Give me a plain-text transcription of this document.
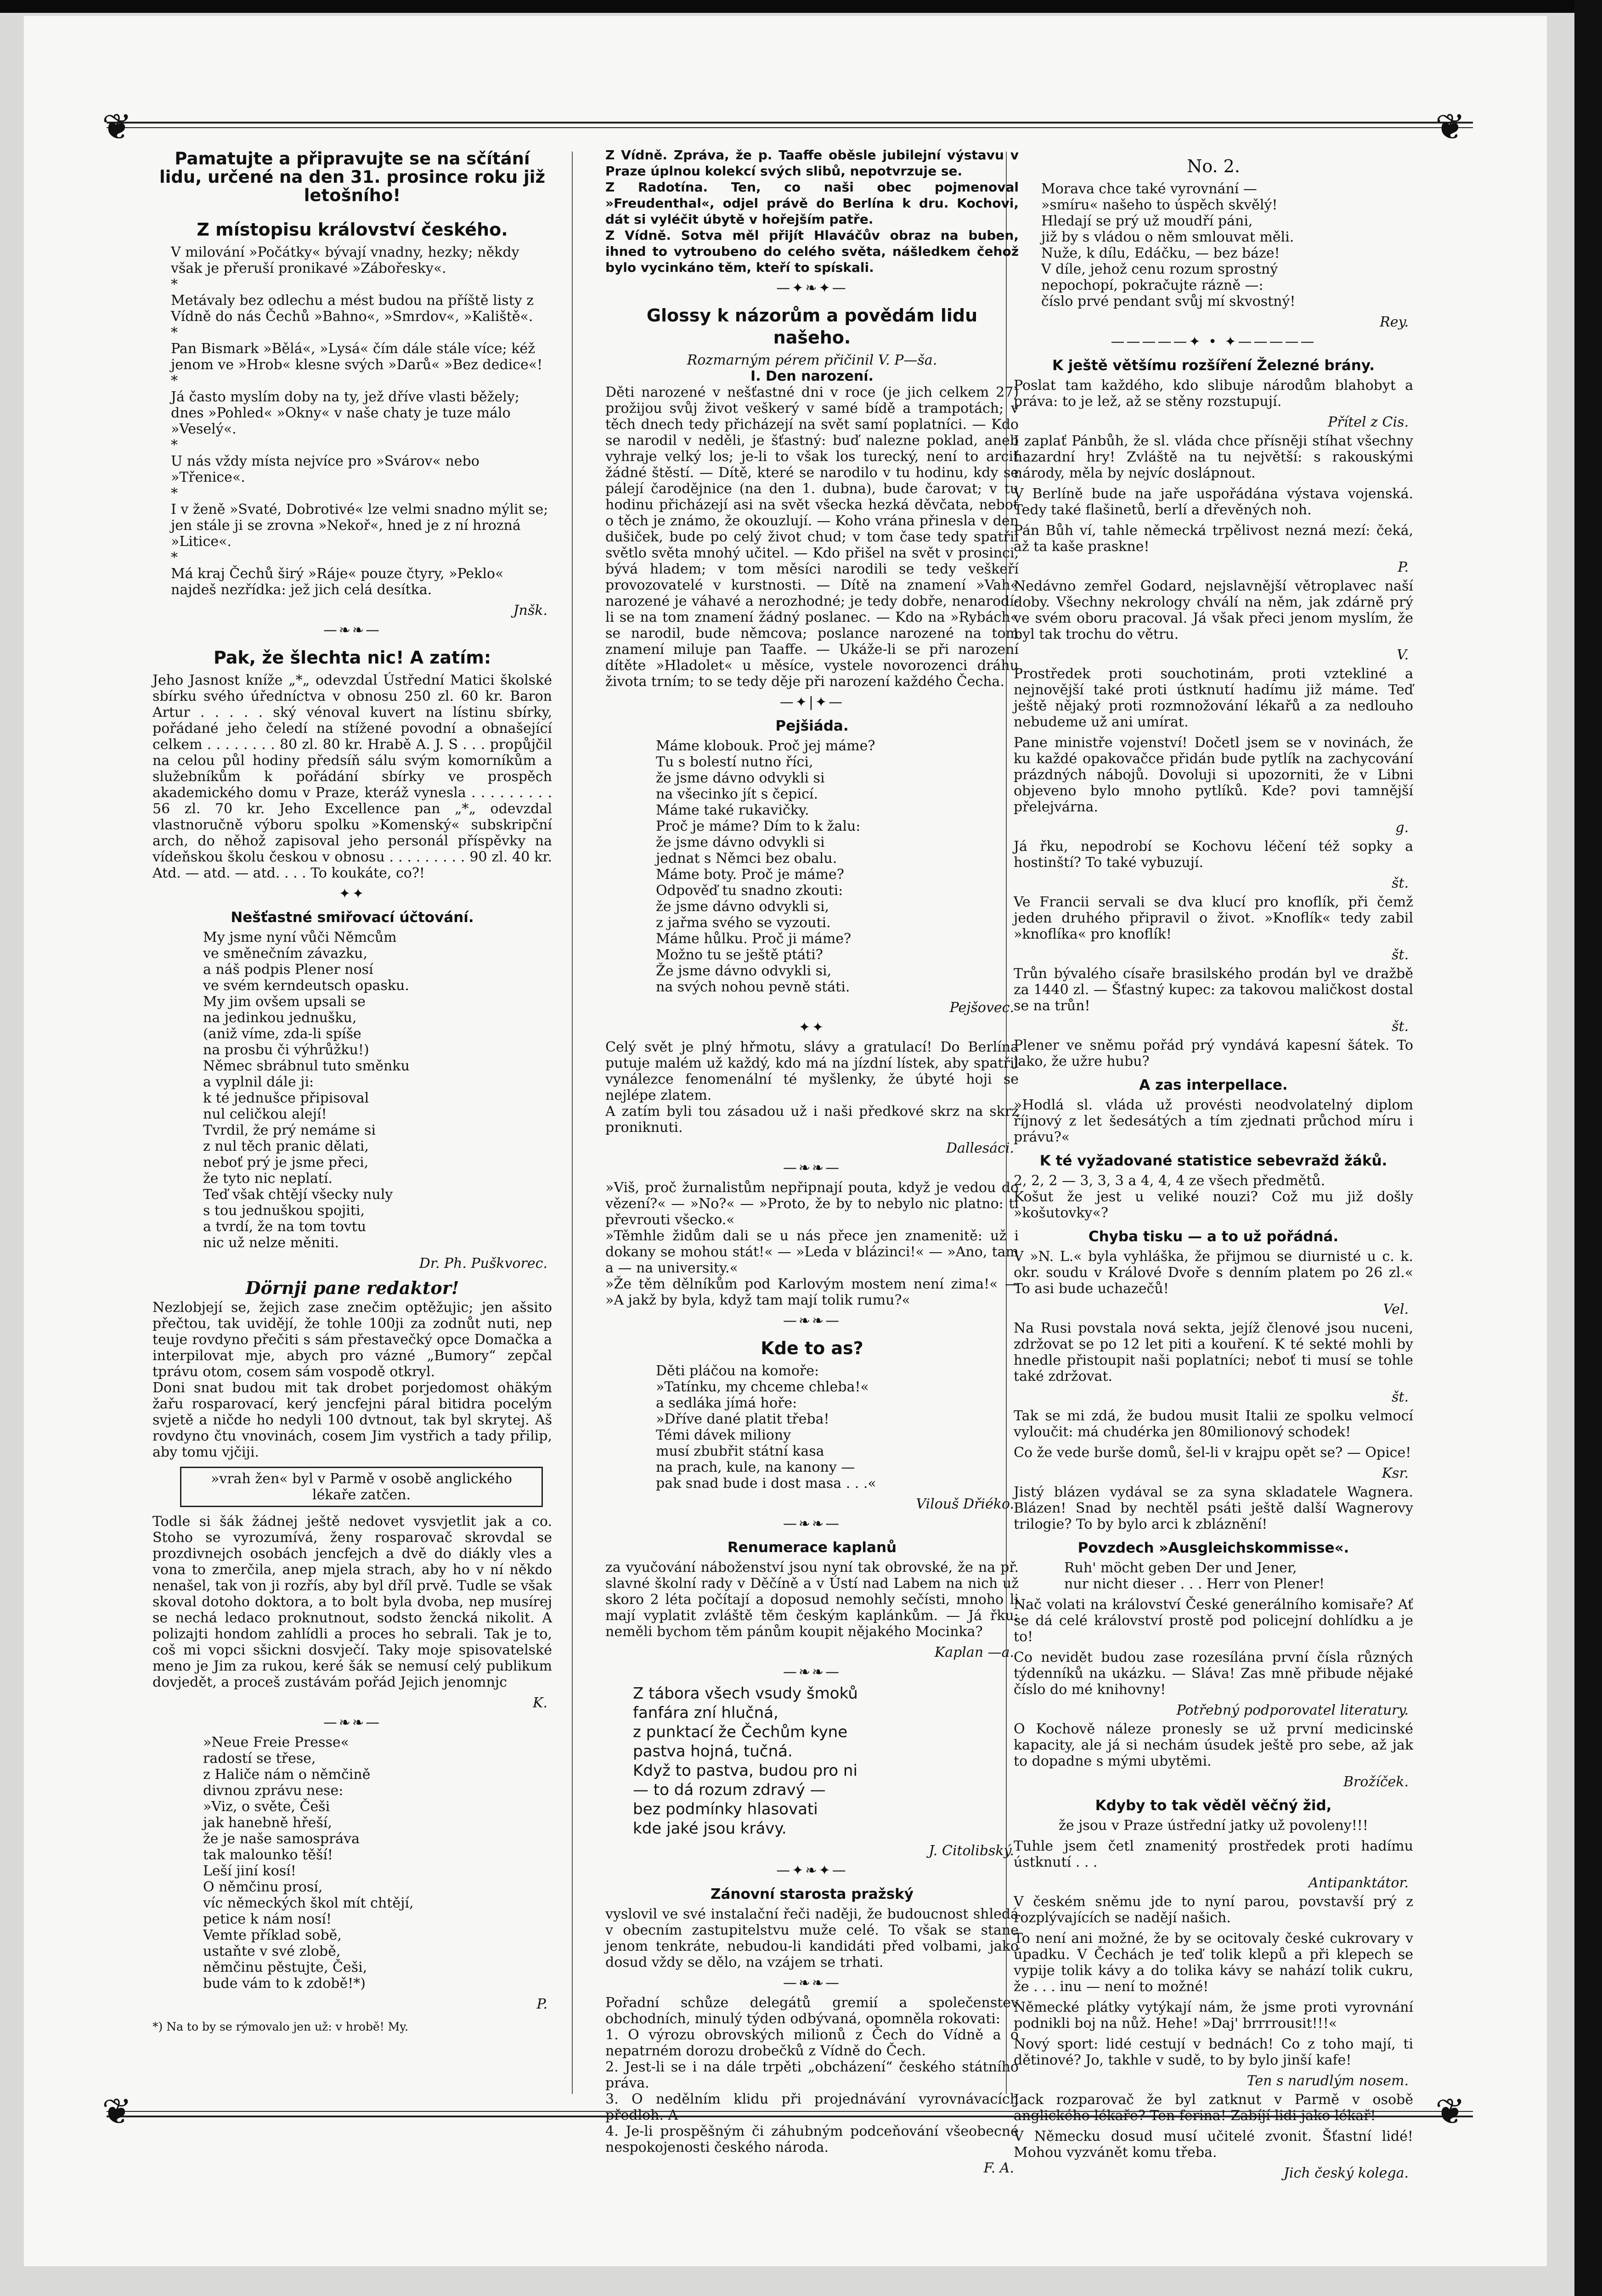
❦	❦
❦	❦
Pamatujte a připravujte se na sčítání lidu, určené na den 31. prosince roku již letošního!
Z místopisu království českého.

V milování »Počátky« bývají vnadny, hezky; někdy však je přeruší pronikavé »Zábořesky«.
*
Metávaly bez odlechu a mést budou na příště listy z Vídně do nás Čechů »Bahno«, »Smrdov«, »Kaliště«.
*
Pan Bismark »Bělá«, »Lysá« čím dále stále více; kéž jenom ve »Hrob« klesne svých »Darů« »Bez dedice«!
*
Já často myslím doby na ty, jež dříve vlasti běžely; dnes »Pohled« »Okny« v naše chaty je tuze málo »Veselý«.
*
U nás vždy místa nejvíce pro »Svárov« nebo »Třenice«.
*
I v ženě »Svaté, Dobrotivé« lze velmi snadno mýlit se; jen stále ji se zrovna »Nekoř«, hned je z ní hrozná »Litice«.
*
Má kraj Čechů širý »Ráje« pouze čtyry, »Peklo« najdeš nezřídka: jež jich celá desítka.

Jnšk.
—❧❧—
Pak, že šlechta nic! A zatím:

Jeho Jasnost kníže „*„ odevzdal Ústřední Matici školské sbírku svého úředníctva v obnosu 250 zl. 60 kr. Baron Artur . . . . . ský vénoval kuvert na lístinu sbírky, pořádané jeho čeledí na stížené povodní a obnašející celkem . . . . . . . . 80 zl. 80 kr. Hrabě A. J. S . . . propůjčil na celou půl hodiny předsíň sálu svým komorníkům a služebníkům k pořádání sbírky ve prospěch akademického domu v Praze, kteráž vynesla . . . . . . . . . 56 zl. 70 kr. Jeho Excellence pan „*„ odevzdal vlastnoručně výboru spolku »Komenský« subskripční arch, do něhož zapisoval jeho personál příspěvky na vídeňskou školu českou v obnosu . . . . . . . . . 90 zl. 40 kr. Atd. — atd. — atd. . . . To koukáte, co?!

✦✦
Nešťastné smiřovací účtování.

My jsme nyní vůči Němcům
ve směnečním závazku,
a náš podpis Plener nosí
ve svém kerndeutsch opasku.
My jim ovšem upsali se
na jedinkou jednušku,
(aniž víme, zda-li spíše
na prosbu či výhrůžku!)
Němec sbrábnul tuto směnku
a vyplnil dále ji:
k té jednušce připisoval
nul celičkou alejí!
Tvrdil, že prý nemáme si
z nul těch pranic dělati,
neboť prý je jsme přeci,
že tyto nic neplatí.
Teď však chtějí všecky nuly
s tou jednuškou spojiti,
a tvrdí, že na tom tovtu
nic už nelze měniti.

Dr. Ph. Puškvorec.
Dörnji pane redaktor!

Nezlobjejí se, žejich zase znečim optěžujic; jen ašsito přečtou, tak uvidějí, že tohle 100ji za zodnůt nuti, nep teuje rovdyno přečiti s sám přestavečký opce Domačka a interpilovat mje, abych pro vázné „Bumory“ zepčal tprávu otom, cosem sám vospodě otkryl.
Doni snat budou mit tak drobet porjedomost ohäkým žařu rosparovací, kerý jencfejni páral bitidra pocelým svjetě a ničde ho nedyli 100 dvtnout, tak byl skrytej. Aš rovdyno čtu vnovinách, cosem Jim vystřich a tady přilip, aby tomu vjčiji.

»vrah žen« byl v Parmě v osobě anglického lékaře zatčen.

Todle si šák žádnej ještě nedovet vysvjetlit jak a co. Stoho se vyrozumívá, ženy rosparovač skrovdal se prozdivnejch osobách jencfejch a dvě do diákly vles a vona to zmerčila, anep mjela strach, aby ho v ní někdo nenašel, tak von ji rozřís, aby byl dříl prvě. Tudle se však skoval dotoho doktora, a to bolt byla dvoba, nep musírej se nechá ledaco proknutnout, sodsto žencká nikolit. A polizajti hondom zahlídli a proces ho sebrali. Tak je to, coš mi vopci sšickni dosvječí. Taky moje spisovatelské meno je Jim za rukou, keré šák se nemusí celý publikum dovjedět, a proceš zustávám pořád Jejich jenomnjc

K.
—❧❧—

»Neue Freie Presse«
radostí se třese,
z Haliče nám o němčině
divnou zprávu nese:
»Viz, o světe, Češi
jak hanebně hřeší,
že je naše samospráva
tak malounko těší!
Leší jiní kosí!
O němčinu prosí,
víc německých škol mít chtějí,
petice k nám nosí!
Vemte příklad sobě,
ustaňte v své zlobě,
němčinu pěstujte, Češi,
bude vám to k zdobě!*)

P.
*) Na to by se rýmovalo jen už: v hrobě! My.

Z Vídně. Zpráva, že p. Taaffe oběsle jubilejní výstavu v Praze úplnou kolekcí svých slibů, nepotvrzuje se.
Z Radotína. Ten, co naši obec pojmenoval »Freudenthal«, odjel právě do Berlína k dru. Kochovi, dát si vyléčit úbytě v hořejším patře.
Z Vídně. Sotva měl přijít Hlaváčův obraz na buben, ihned to vytroubeno do celého světa, nášledkem čehož bylo vycinkáno těm, kteří to spískali.

—✦❧✦—
Glossy k názorům a povědám lidu našeho.
Rozmarným pérem přičinil V. P—ša.
I. Den narození.

Děti narozené v nešťastné dni v roce (je jich celkem 27) prožijou svůj život veškerý v samé bídě a trampotách; v těch dnech tedy přicházejí na svět samí poplatníci. — Kdo se narodil v neděli, je šťastný: buď nalezne poklad, aneb vyhraje velký los; je-li to však los turecký, není to arciť žádné štěstí. — Dítě, které se narodilo v tu hodinu, kdy se pálejí čarodějnice (na den 1. dubna), bude čarovat; v tu hodinu přicházejí asi na svět všecka hezká děvčata, neboť o těch je známo, že okouzlují. — Koho vrána přinesla v den dušiček, bude po celý život chud; v tom čase tedy spatřil světlo světa mnohý učitel. — Kdo přišel na svět v prosinci, bývá hladem; v tom měsíci narodili se tedy veškeří provozovatelé v kurstnosti. — Dítě na znamení »Vah« narozené je váhavé a nerozhodné; je tedy dobře, nenarodí-li se na tom znamení žádný poslanec. — Kdo na »Rybách« se narodil, bude němcova; poslance narozené na tom znamení miluje pan Taaffe. — Ukáže-li se při narození dítěte »Hladolet« u měsíce, vystele novorozenci dráhu života trním; to se tedy děje při narození každého Čecha.

—✦|✦—
Pejšiáda.

Máme klobouk. Proč jej máme?
Tu s bolestí nutno říci,
že jsme dávno odvykli si
na všecinko jít s čepicí.
Máme také rukavičky.
Proč je máme? Dím to k žalu:
že jsme dávno odvykli si
jednat s Němci bez obalu.
Máme boty. Proč je máme?
Odpověď tu snadno zkouti:
že jsme dávno odvykli si,
z jařma svého se vyzouti.
Máme hůlku. Proč ji máme?
Možno tu se ještě ptáti?
Že jsme dávno odvykli si,
na svých nohou pevně státi.

Pejšovec.
✦✦

Celý svět je plný hřmotu, slávy a gratulací! Do Berlína putuje malém už každý, kdo má na jízdní lístek, aby spatřil vynálezce fenomenální té myšlenky, že úbyté hoji se nejlépe zlatem.
A zatím byli tou zásadou už i naši předkové skrz na skrz proniknuti.

Dallesáci.
—❧❧—

»Viš, proč žurnalistům nepřipnají pouta, když je vedou do vězení?« — »No?« — »Proto, že by to nebylo nic platno: ti převrouti všecko.«
»Těmhle židům dali se u nás přece jen znamenitě: už i dokany se mohou stát!« — »Leda v blázinci!« — »Ano, tam a — na university.«
»Že těm dělníkům pod Karlovým mostem není zima!« — »A jakž by byla, když tam mají tolik rumu?«

—❧❧—
Kde to as?

Děti pláčou na komoře:
»Tatínku, my chceme chleba!«
a sedláka jímá hoře:
»Dříve dané platit třeba!
Témi dávek miliony
musí zbubřit státní kasa
na prach, kule, na kanony —
pak snad bude i dost masa . . .«

Vilouš Dřiéko.
—❧❧—
Renumerace kaplanů

za vyučování náboženství jsou nyní tak obrovské, že na př. slavné školní rady v Děčíně a v Ústí nad Labem na nich už skoro 2 léta počítají a doposud nemohly sečísti, mnoho li mají vyplatit zvláště těm českým kaplánkům. — Já řku: neměli bychom těm pánům koupit nějakého Mocinka?

Kaplan —a.
—❧❧—

Z tábora všech vsudy šmoků
fanfára zní hlučná,
z punktací že Čechům kyne
pastva hojná, tučná.
Když to pastva, budou pro ni
— to dá rozum zdravý —
bez podmínky hlasovati
kde jaké jsou krávy.

J. Citolibský.
—✦❧✦—
Zánovní starosta pražský

vyslovil ve své instalační řeči naději, že budoucnost shledá v obecním zastupitelstvu muže celé. To však se stane jenom tenkráte, nebudou-li kandidáti před volbami, jako dosud vždy se dělo, na vzájem se trhati.

—❧❧—

Pořadní schůze delegátů gremií a společenstev obchodních, minulý týden odbývaná, opomněla rokovati:
1. O výrozu obrovských milionů z Čech do Vídně a o nepatrném dorozu drobečků z Vídně do Čech.
2. Jest-li se i na dále trpěti „obcházení“ českého státního práva.
3. O nedělním klidu při projednávání vyrovnávacích předloh. A
4. Je-li prospěšným či záhubným podceňování všeobecné nespokojenosti českého národa.

F. A.
No. 2.

Morava chce také vyrovnání —
»smíru« našeho to úspěch skvělý!
Hledají se prý už moudří páni,
již by s vládou o něm smlouvat měli.
Nuže, k dílu, Edáčku, — bez báze!
V díle, jehož cenu rozum sprostný
nepochopí, pokračujte rázně —:
číslo prvé pendant svůj mí skvostný!

Rey.
—————✦ • ✦—————
K ještě většímu rozšíření Železné brány.

Poslat tam každého, kdo slibuje národům blahobyt a práva: to je lež, až se stěny rozstupují.

Přítel z Cis.

I zaplať Pánbůh, že sl. vláda chce přísněji stíhat všechny hazardní hry! Zvláště na tu největší: s rakouskými národy, měla by nejvíc doslápnout.

V Berlíně bude na jaře uspořádána výstava vojenská. Tedy také flašinetů, berlí a dřevěných noh.

Pán Bůh ví, tahle německá trpělivost nezná mezí: čeká, až ta kaše praskne!

P.

Nedávno zemřel Godard, nejslavnější větroplavec naší doby. Všechny nekrology chválí na něm, jak zdárně prý ve svém oboru pracoval. Já však přeci jenom myslím, že byl tak trochu do větru.

V.

Prostředek proti souchotinám, proti vztekliné a nejnovější také proti ústknutí hadímu již máme. Teď ještě nějaký proti rozmnožování lékařů a za nedlouho nebudeme už ani umírat.

Pane ministře vojenství! Dočetl jsem se v novinách, že ku každé opakovačce přidán bude pytlík na zachycování prázdných nábojů. Dovoluji si upozorniti, že v Libni objeveno bylo mnoho pytlíků. Kde? povi tamnější přelejvárna.

g.

Já řku, nepodrobí se Kochovu léčení též sopky a hostinští? To také vybuzují.

št.

Ve Francii servali se dva klucí pro knoflík, při čemž jeden druhého připravil o život. »Knoflík« tedy zabil »knoflíka« pro knoflík!

št.

Trůn bývalého císaře brasilského prodán byl ve dražbě za 1440 zl. — Šťastný kupec: za takovou maličkost dostal se na trůn!

št.

Plener ve sněmu pořád prý vyndává kapesní šátek. To jako, že užre hubu?

A zas interpellace.

»Hodlá sl. vláda už provésti neodvolatelný diplom říjnový z let šedesátých a tím zjednati průchod míru i právu?«

K té vyžadované statistice sebevražd žáků.

2, 2, 2 — 3, 3, 3 a 4, 4, 4 ze všech předmětů.
Košut že jest u veliké nouzi? Což mu již došly »košutovky«?

Chyba tisku — a to už pořádná.

V »N. L.« byla vyhláška, že přijmou se diurnisté u c. k. okr. soudu v Králové Dvoře s denním platem po 26 zl.« To asi bude uchazečů!

Vel.

Na Rusi povstala nová sekta, jejíž členové jsou nuceni, zdržovat se po 12 let piti a kouření. K té sekté mohli by hnedle přistoupit naši poplatníci; neboť ti musí se tohle také zdržovat.

št.

Tak se mi zdá, že budou musit Italii ze spolku velmocí vyloučit: má chudérka jen 80milionový schodek!

Co že vede burše domů, šel-li v krajpu opět se? — Opice!

Ksr.

Jistý blázen vydával se za syna skladatele Wagnera. Blázen! Snad by nechtěl psáti ještě další Wagnerovy trilogie? To by bylo arci k zbláznění!

Povzdech »Ausgleichskommisse«.

Ruh' möcht geben Der und Jener,
nur nicht dieser . . . Herr von Plener!

Nač volati na království České generálního komisaře? Ať se dá celé království prostě pod policejní dohlídku a je to!

Co nevidět budou zase rozesílána první čísla různých týdenníků na ukázku. — Sláva! Zas mně přibude nějaké číslo do mé knihovny!

Potřebný podporovatel literatury.

O Kochově náleze pronesly se už první medicinské kapacity, ale já si nechám úsudek ještě pro sebe, až jak to dopadne s mými ubytěmi.

Brožíček.
Kdyby to tak věděl věčný žid,

že jsou v Praze ústřední jatky už povoleny!!!

Tuhle jsem četl znamenitý prostředek proti hadímu ústknutí . . .

Antipanktátor.

V českém sněmu jde to nyní parou, povstavší prý z rozplývajících se nadějí našich.

To není ani možné, že by se ocitovaly české cukrovary v úpadku. V Čechách je teď tolik klepů a při klepech se vypije tolik kávy a do tolika kávy se nahází tolik cukru, že . . . inu — není to možné!

Německé plátky vytýkají nám, že jsme proti vyrovnání podnikli boj na nůž. Hehe! »Daj' brrrrousit!!!«

Nový sport: lidé cestují v bednách! Co z toho mají, ti dětinové? Jo, takhle v sudě, to by bylo jinší kafe!

Ten s narudlým nosem.

Jack rozparovač že byl zatknut v Parmě v osobě anglického lékaře? Ten ferina! Zabíjí lidi jako lékař!

V Německu dosud musí učitelé zvonit. Šťastní lidé! Mohou vyzvánět komu třeba.

Jich český kolega.
